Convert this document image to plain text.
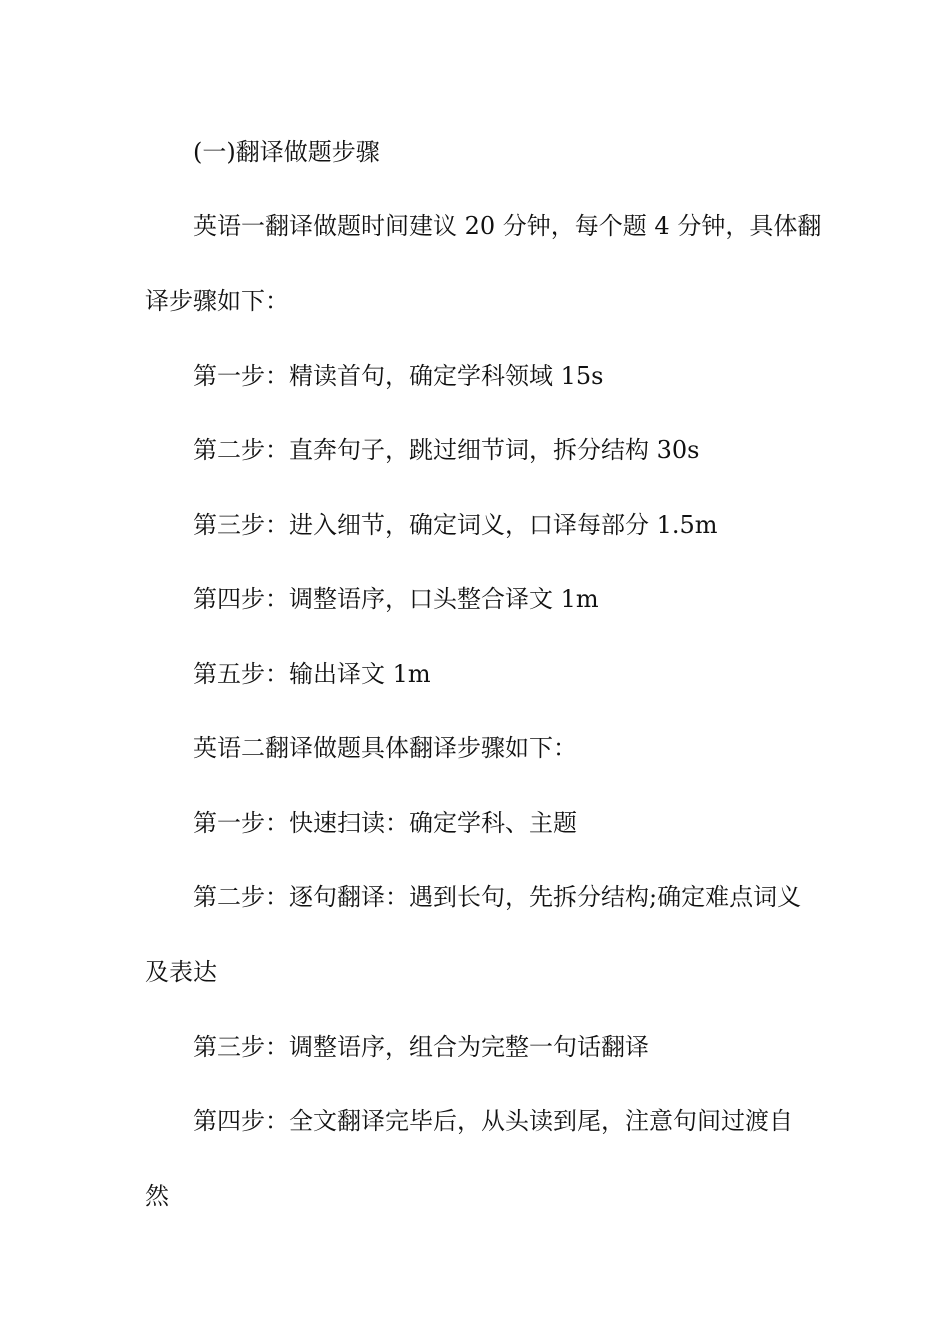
(一)翻译做题步骤
英语一翻译做题时间建议 20 分钟，每个题 4 分钟，具体翻
译步骤如下：
第一步：精读首句，确定学科领域 15s
第二步：直奔句子，跳过细节词，拆分结构 30s
第三步：进入细节，确定词义，口译每部分 1.5m
第四步：调整语序，口头整合译文 1m
第五步：输出译文 1m
英语二翻译做题具体翻译步骤如下：
第一步：快速扫读：确定学科、主题
第二步：逐句翻译：遇到长句，先拆分结构;确定难点词义
及表达
第三步：调整语序，组合为完整一句话翻译
第四步：全文翻译完毕后，从头读到尾，注意句间过渡自
然
